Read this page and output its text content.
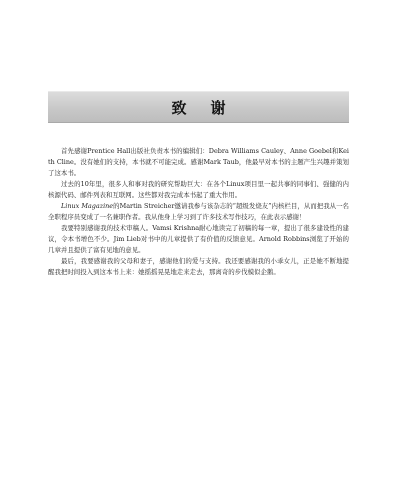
致谢

首先感谢Prentice Hall出版社负责本书的编辑们：Debra Williams Cauley、Anne Goebel和Keith Cline。没有她们的支持，本书就不可能完成。感谢Mark Taub，他最早对本书的主题产生兴趣并策划了这本书。

过去的10年里，很多人和事对我的研究帮助巨大：在各个Linux项目里一起共事的同事们、强健的内核源代码、邮件列表和互联网。这些都对我完成本书起了重大作用。

Linux Magazine的Martin Streicher邀请我参与该杂志的“超级发烧友”内核栏目，从而把我从一名全职程序员变成了一名兼职作者。我从他身上学习到了许多技术写作技巧，在此表示感谢！

我要特别感谢我的技术审稿人。Vamsi Krishna耐心地读完了初稿的每一章，提出了很多建设性的建议，令本书增色不少。Jim Lieb对书中的儿章提供了有价值的反馈意见。Arnold Robbins浏览了开始的几章并且提供了富有见地的意见。

最后，我要感谢我的父母和妻子，感谢他们的爱与支持。我还要感谢我的小乖女儿，正是她不断地提醒我把时间投入到这本书上来：她摇摇晃晃地走来走去，那离奇的步伐模似企鹅。
